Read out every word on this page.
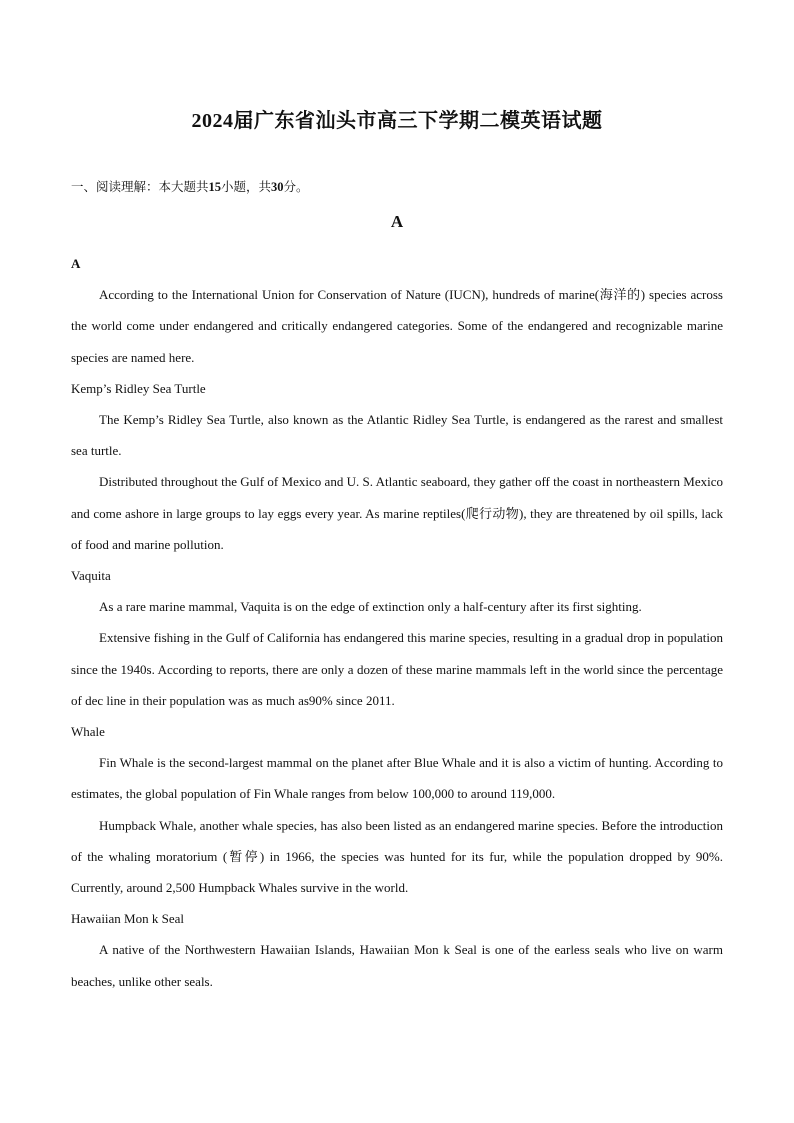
2024届广东省汕头市高三下学期二模英语试题
一、阅读理解：本大题共15小题，共30分。
A

A

According to the International Union for Conservation of Nature (IUCN), hundreds of marine(海洋的) species across the world come under endangered and critically endangered categories. Some of the endangered and recognizable marine species are named here.

Kemp’s Ridley Sea Turtle

The Kemp’s Ridley Sea Turtle, also known as the Atlantic Ridley Sea Turtle, is endangered as the rarest and smallest sea turtle.

Distributed throughout the Gulf of Mexico and U. S. Atlantic seaboard, they gather off the coast in northeastern Mexico and come ashore in large groups to lay eggs every year. As marine reptiles(爬行动物), they are threatened by oil spills, lack of food and marine pollution.

Vaquita

As a rare marine mammal, Vaquita is on the edge of extinction only a half-century after its first sighting.

Extensive fishing in the Gulf of California has endangered this marine species, resulting in a gradual drop in population since the 1940s. According to reports, there are only a dozen of these marine mammals left in the world since the percentage of dec line in their population was as much as90% since 2011.

Whale

Fin Whale is the second-largest mammal on the planet after Blue Whale and it is also a victim of hunting. According to estimates, the global population of Fin Whale ranges from below 100,000 to around 119,000.

Humpback Whale, another whale species, has also been listed as an endangered marine species. Before the introduction of the whaling moratorium (暂停) in 1966, the species was hunted for its fur, while the population dropped by 90%. Currently, around 2,500 Humpback Whales survive in the world.

Hawaiian Mon k Seal

A native of the Northwestern Hawaiian Islands, Hawaiian Mon k Seal is one of the earless seals who live on warm beaches, unlike other seals.
